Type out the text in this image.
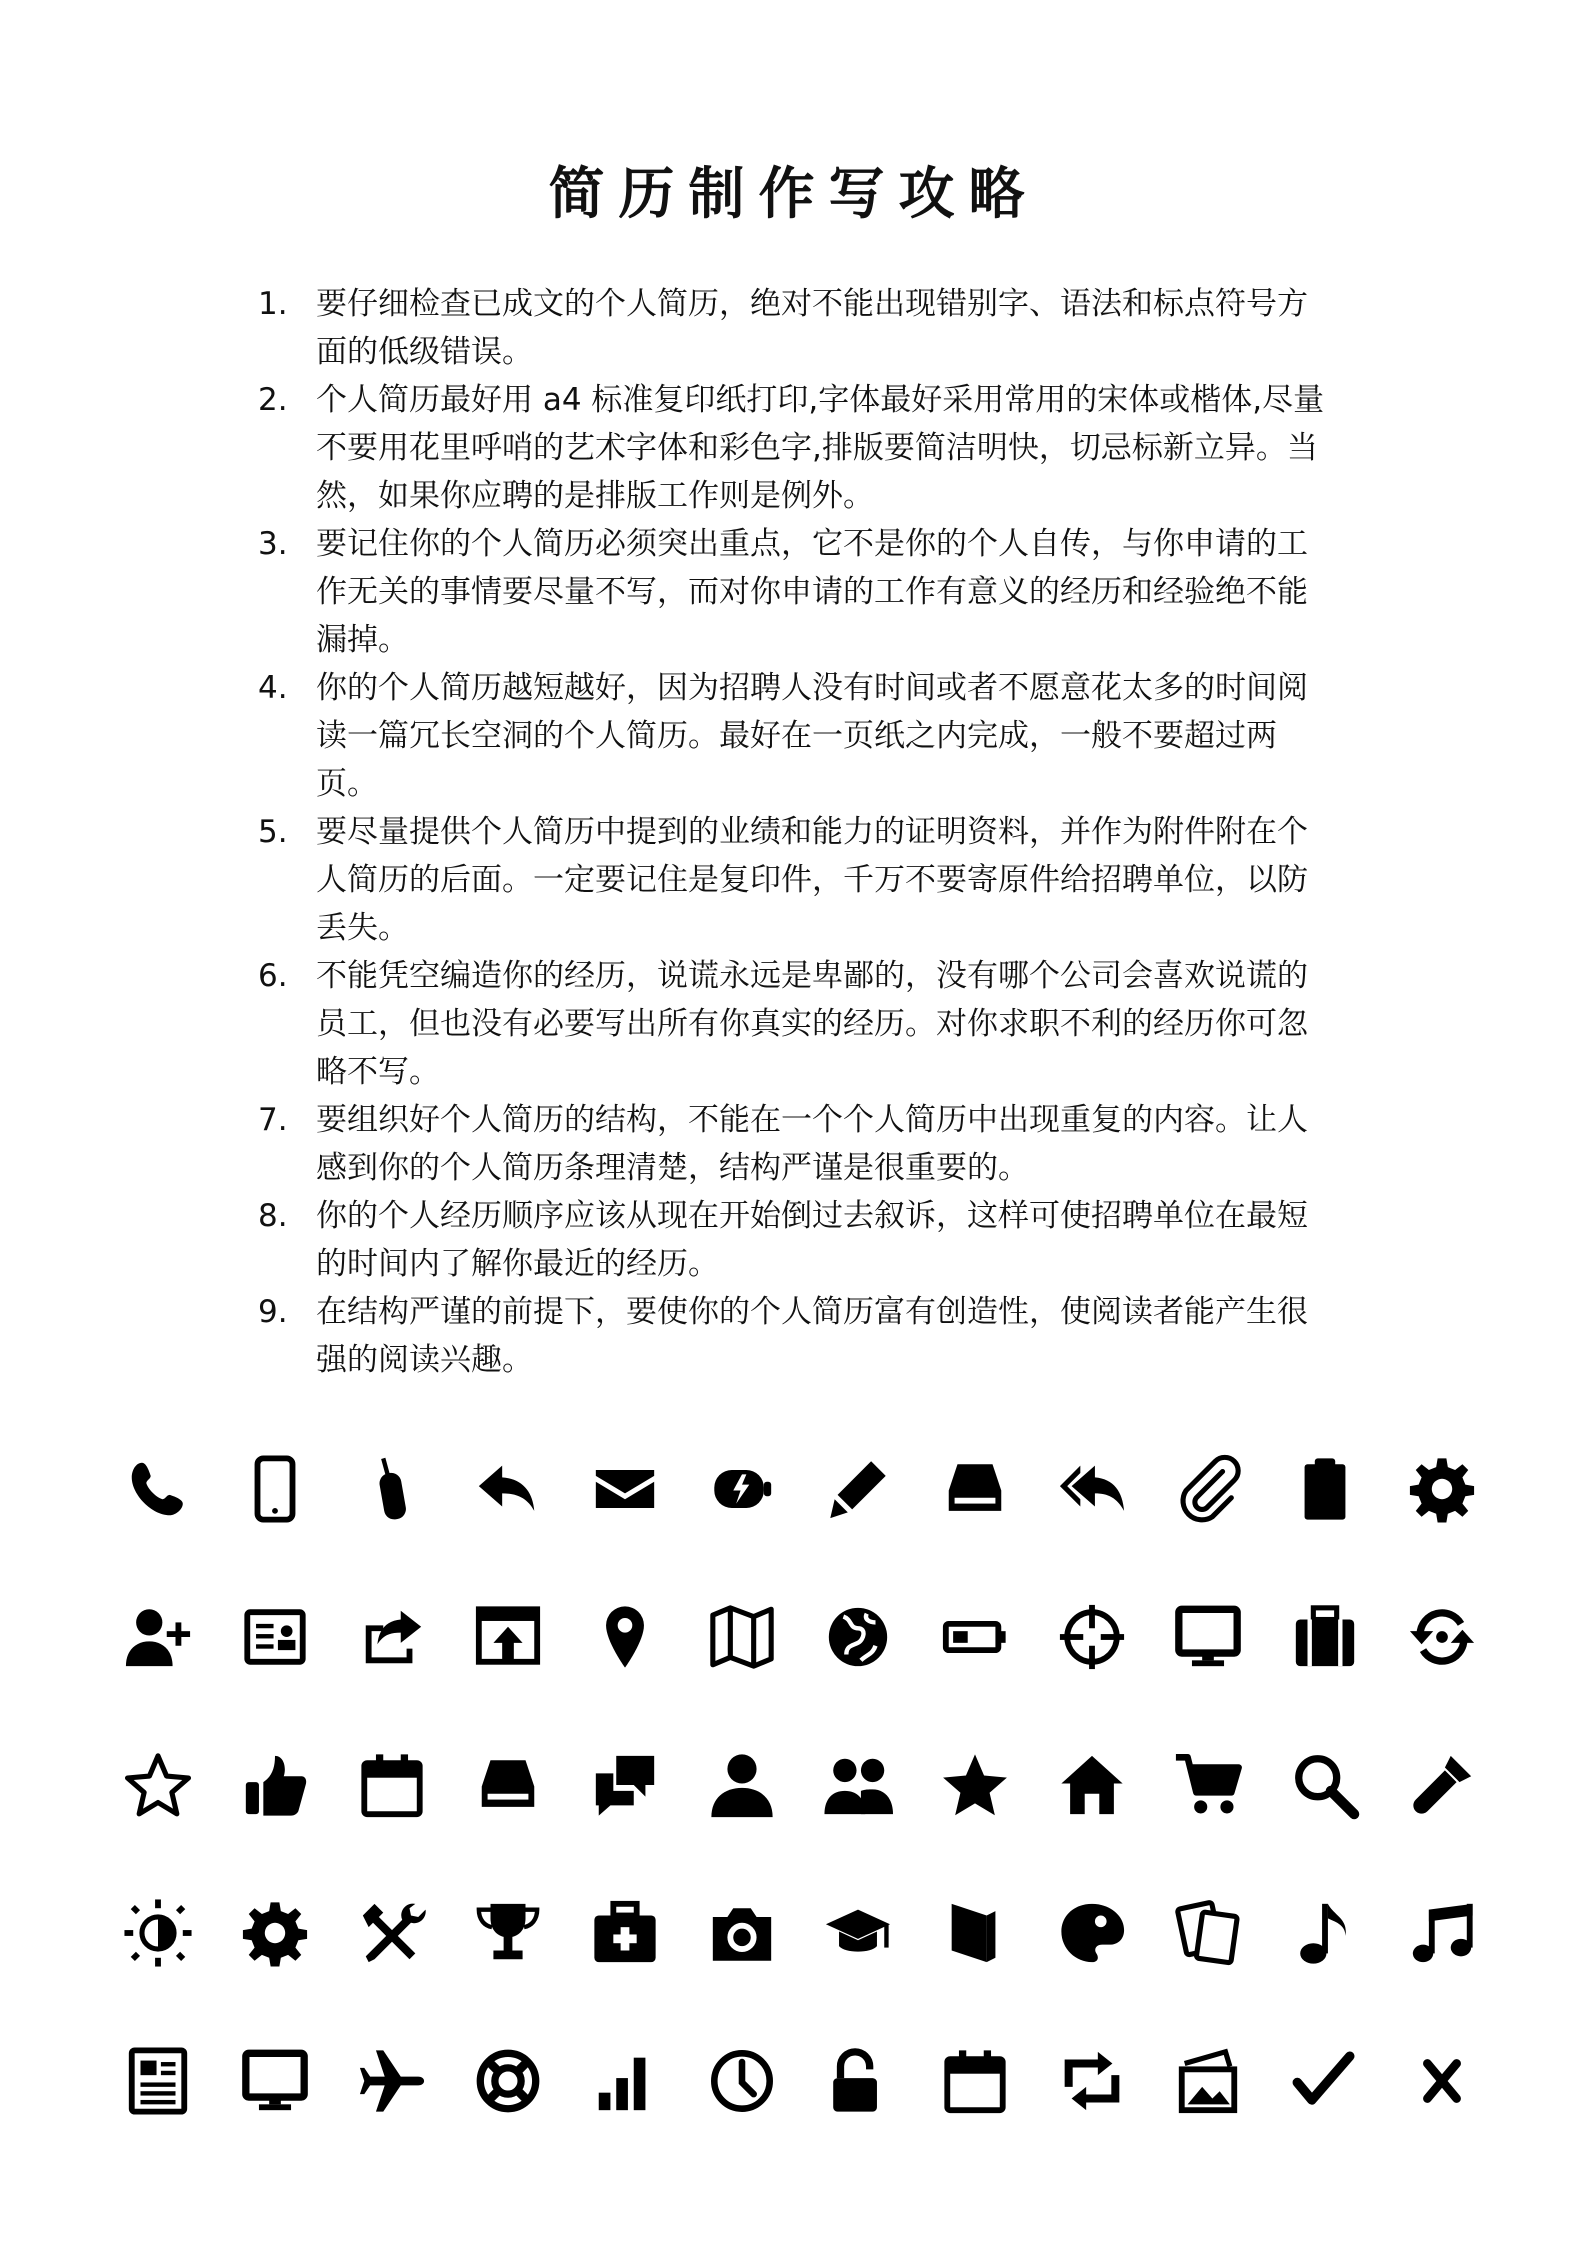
简历制作写攻略
1. 要仔细检查已成文的个人简历，绝对不能出现错别字、语法和标点符号方面的低级错误。
2. 个人简历最好用 a4 标准复印纸打印,字体最好采用常用的宋体或楷体,尽量不要用花里呼哨的艺术字体和彩色字,排版要简洁明快，切忌标新立异。当然，如果你应聘的是排版工作则是例外。
3. 要记住你的个人简历必须突出重点，它不是你的个人自传，与你申请的工作无关的事情要尽量不写，而对你申请的工作有意义的经历和经验绝不能漏掉。
4. 你的个人简历越短越好，因为招聘人没有时间或者不愿意花太多的时间阅读一篇冗长空洞的个人简历。最好在一页纸之内完成，一般不要超过两页。
5. 要尽量提供个人简历中提到的业绩和能力的证明资料，并作为附件附在个人简历的后面。一定要记住是复印件，千万不要寄原件给招聘单位，以防丢失。
6. 不能凭空编造你的经历，说谎永远是卑鄙的，没有哪个公司会喜欢说谎的员工，但也没有必要写出所有你真实的经历。对你求职不利的经历你可忽略不写。
7. 要组织好个人简历的结构，不能在一个个人简历中出现重复的内容。让人感到你的个人简历条理清楚，结构严谨是很重要的。
8. 你的个人经历顺序应该从现在开始倒过去叙诉，这样可使招聘单位在最短的时间内了解你最近的经历。
9. 在结构严谨的前提下，要使你的个人简历富有创造性，使阅读者能产生很强的阅读兴趣。
